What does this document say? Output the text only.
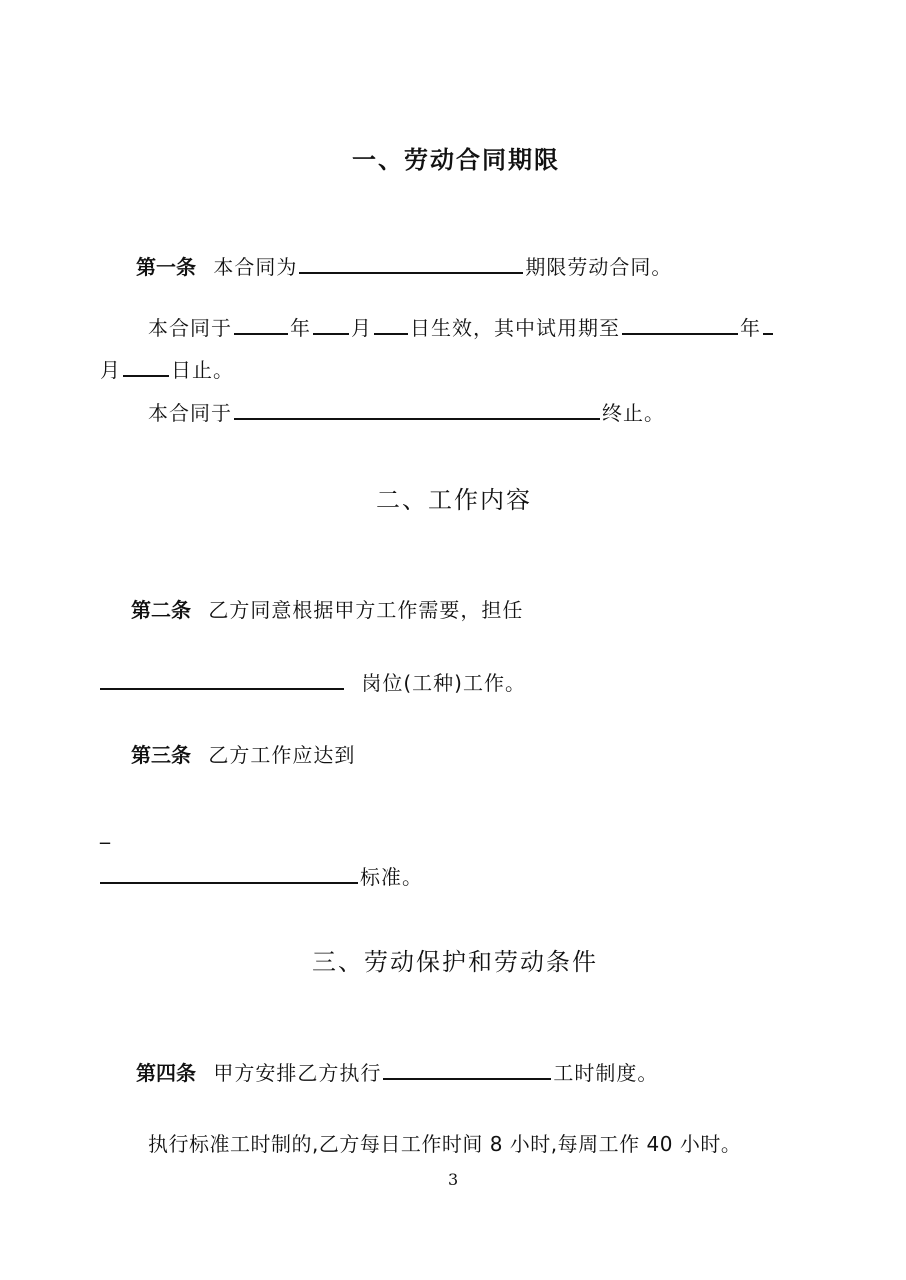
一、劳动合同期限
第一条 本合同为	期限劳动合同。
本合同于	年 月 日生效，其中试用期至	年
月	日止。
本合同于	终止。
二、工作内容
第二条 乙方同意根据甲方工作需要，担任
岗位(工种)工作。
第三条 乙方工作应达到
_
标准。
三、劳动保护和劳动条件
第四条 甲方安排乙方执行	工时制度。
执行标准工时制的,乙方每日工作时间 8 小时,每周工作 40 小时。
3
